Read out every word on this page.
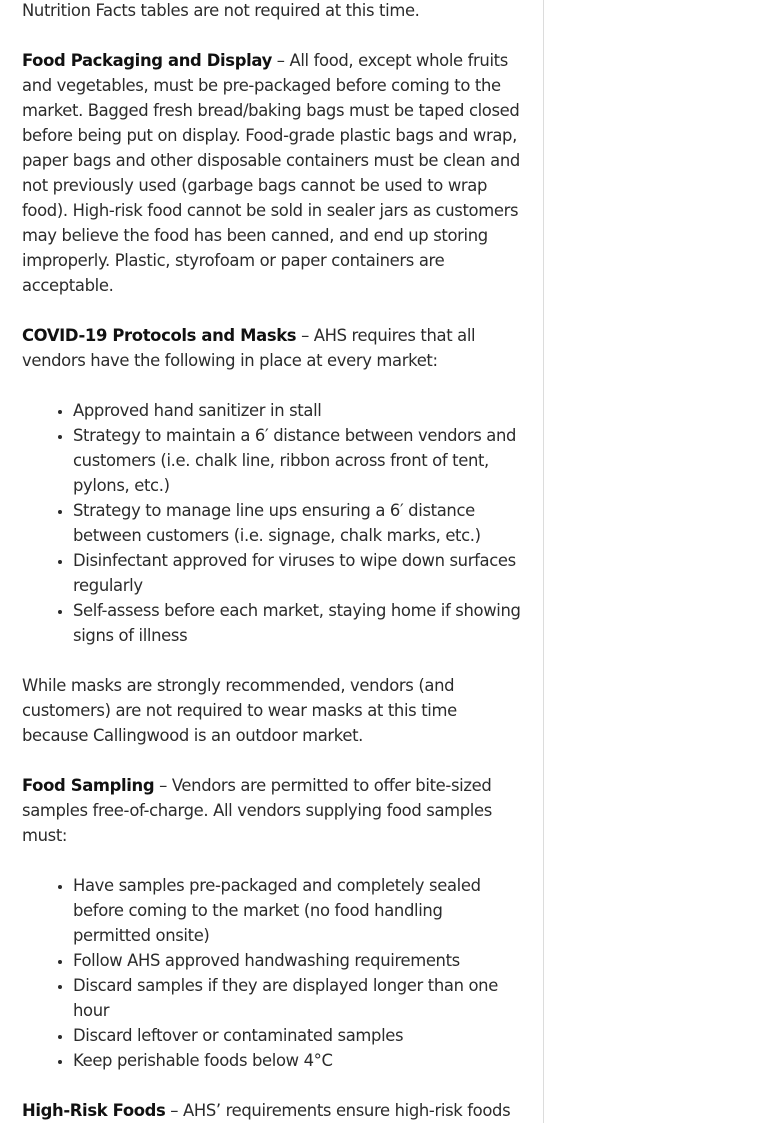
Nutrition Facts tables are not required at this time.

Food Packaging and Display – All food, except whole fruits and vegetables, must be pre-packaged before coming to the market. Bagged fresh bread/baking bags must be taped closed before being put on display. Food-grade plastic bags and wrap, paper bags and other disposable containers must be clean and not previously used (garbage bags cannot be used to wrap food). High-risk food cannot be sold in sealer jars as customers may believe the food has been canned, and end up storing improperly. Plastic, styrofoam or paper containers are acceptable.

COVID-19 Protocols and Masks – AHS requires that all vendors have the following in place at every market:

• Approved hand sanitizer in stall
• Strategy to maintain a 6′ distance between vendors and customers (i.e. chalk line, ribbon across front of tent, pylons, etc.)
• Strategy to manage line ups ensuring a 6′ distance between customers (i.e. signage, chalk marks, etc.)
• Disinfectant approved for viruses to wipe down surfaces regularly
• Self-assess before each market, staying home if showing signs of illness

While masks are strongly recommended, vendors (and customers) are not required to wear masks at this time because Callingwood is an outdoor market.

Food Sampling – Vendors are permitted to offer bite-sized samples free-of-charge. All vendors supplying food samples must:

• Have samples pre-packaged and completely sealed before coming to the market (no food handling permitted onsite)
• Follow AHS approved handwashing requirements
• Discard samples if they are displayed longer than one hour
• Discard leftover or contaminated samples
• Keep perishable foods below 4°C

High-Risk Foods – AHS’ requirements ensure high-risk foods
